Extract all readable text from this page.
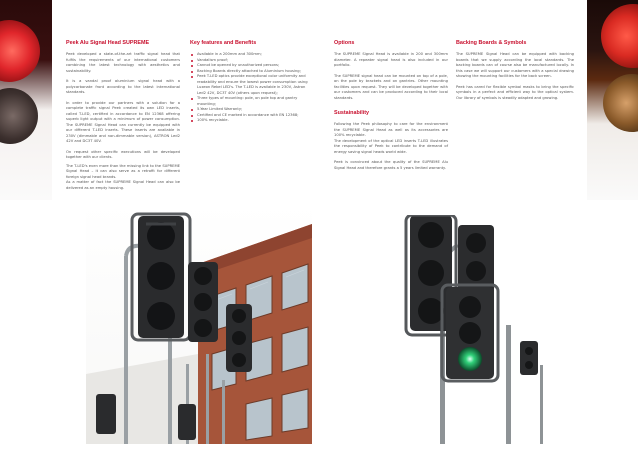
Peek Alu Signal Head SUPREME

Peek developed a state-of-the-art traffic signal head that fulfils the requirements of our international customers combining the latest technology with aesthetics and sustainability.

It is a vandal proof aluminium signal head with a polycarbonate front according to the latest international standards.

In order to provide our partners with a solution for a complete traffic signal Peek created its own LED inserts, called T-LED, certified in accordance to EN 12368 offering superb light output with a minimum of power consumption. The SUPREME Signal Head can currently be equipped with our different T-LED inserts. These inserts are available in 230V (dimmable and non-dimmable version), ASTRON Led2 42V and DC3T 40V.

On request other specific executions will be developed together with our clients.

The T-LED's even more than the missing link to the SUPREME Signal Head – it can also serve as a retrofit for different foreign signal head brands.

As a matter of fact the SUPREME Signal Head can also be delivered as an empty housing.

Key features and Benefits
Available in a 200mm and 300mm;
Vandalism proof;
Cannot be opened by unauthorized persons;
Backing Boards directly attached to Aluminium housing;
Peek T-LED optics provide exceptional color uniformity and readability and ensure the lowest power consumption using Luxeon Rebel LED's. The T-LED is available in 230V, Astron Led2 42V, DC3T 40V (others upon request);
Three types of mounting: pole, on pole top and gantry mounting;
5-Year Limited Warranty;
Certified and CE marked in accordance with EN 12368;
100% recyclable.
Options

The SUPREME Signal Head is available in 200 and 300mm diameter. A repeater signal head is also included in our portfolio.

The SUPREME signal head can be mounted on top of a pole, on the pole by brackets and on gantries. Other mounting facilities upon request. They will be developed together with our customers and can be produced according to their local standards.

Sustainability

Following the Peek philosophy to care for the environment the SUPREME Signal Head as well as its accessories are 100% recyclable.

The development of the optical LED inserts T-LED illustrates the responsibility of Peek to contribute to the demand of energy saving signal heads world wide.

Peek is convinced about the quality of the SUPREME Alu Signal Head and therefore grants a 5 years limited warranty.

Backing Boards & Symbols

The SUPREME Signal Head can be equipped with backing boards that we supply according the local standards. The backing boards can of course also be manufactured locally. In this case we will support our customers with a special drawing showing the mounting facilities for the back screen.

Peek has cared for flexible symbol masks to bring the specific symbols in a perfect and efficient way to the optical system. Our library of symbols is steadily adapted and growing.
